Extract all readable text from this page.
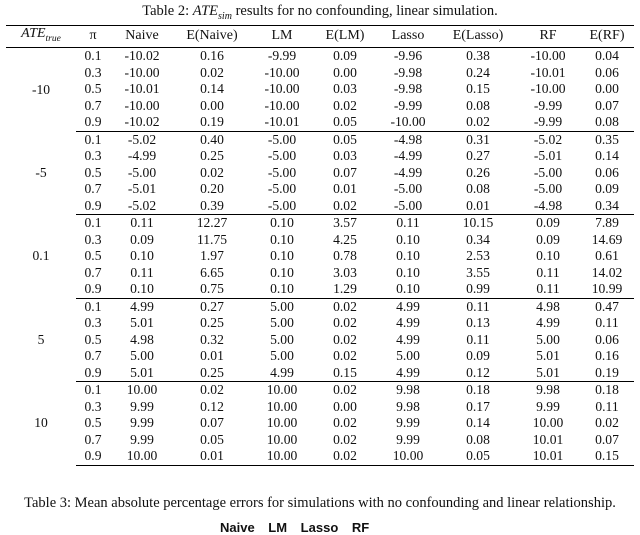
Table 2: $ATE_{sim}$ results for no confounding, linear simulation.
$ATE_{true}$	π	Naive	E(Naive)	LM	E(LM)	Lasso	E(Lasso)	RF	E(RF)
-10	0.1	-10.02	0.16	-9.99	0.09	-9.96	0.38	-10.00	0.04
	0.3	-10.00	0.02	-10.00	0.00	-9.98	0.24	-10.01	0.06
	0.5	-10.01	0.14	-10.00	0.03	-9.98	0.15	-10.00	0.00
	0.7	-10.00	0.00	-10.00	0.02	-9.99	0.08	-9.99	0.07
	0.9	-10.02	0.19	-10.01	0.05	-10.00	0.02	-9.99	0.08
-5	0.1	-5.02	0.40	-5.00	0.05	-4.98	0.31	-5.02	0.35
	0.3	-4.99	0.25	-5.00	0.03	-4.99	0.27	-5.01	0.14
	0.5	-5.00	0.02	-5.00	0.07	-4.99	0.26	-5.00	0.06
	0.7	-5.01	0.20	-5.00	0.01	-5.00	0.08	-5.00	0.09
	0.9	-5.02	0.39	-5.00	0.02	-5.00	0.01	-4.98	0.34
0.1	0.1	0.11	12.27	0.10	3.57	0.11	10.15	0.09	7.89
	0.3	0.09	11.75	0.10	4.25	0.10	0.34	0.09	14.69
	0.5	0.10	1.97	0.10	0.78	0.10	2.53	0.10	0.61
	0.7	0.11	6.65	0.10	3.03	0.10	3.55	0.11	14.02
	0.9	0.10	0.75	0.10	1.29	0.10	0.99	0.11	10.99
5	0.1	4.99	0.27	5.00	0.02	4.99	0.11	4.98	0.47
	0.3	5.01	0.25	5.00	0.02	4.99	0.13	4.99	0.11
	0.5	4.98	0.32	5.00	0.02	4.99	0.11	5.00	0.06
	0.7	5.00	0.01	5.00	0.02	5.00	0.09	5.01	0.16
	0.9	5.01	0.25	4.99	0.15	4.99	0.12	5.01	0.19
10	0.1	10.00	0.02	10.00	0.02	9.98	0.18	9.98	0.18
	0.3	9.99	0.12	10.00	0.00	9.98	0.17	9.99	0.11
	0.5	9.99	0.07	10.00	0.02	9.99	0.14	10.00	0.02
	0.7	9.99	0.05	10.00	0.02	9.99	0.08	10.01	0.07
	0.9	10.00	0.01	10.00	0.02	10.00	0.05	10.01	0.15
Table 3: Mean absolute percentage errors for simulations with no confounding and linear relationship.
Naive LM Lasso RF
